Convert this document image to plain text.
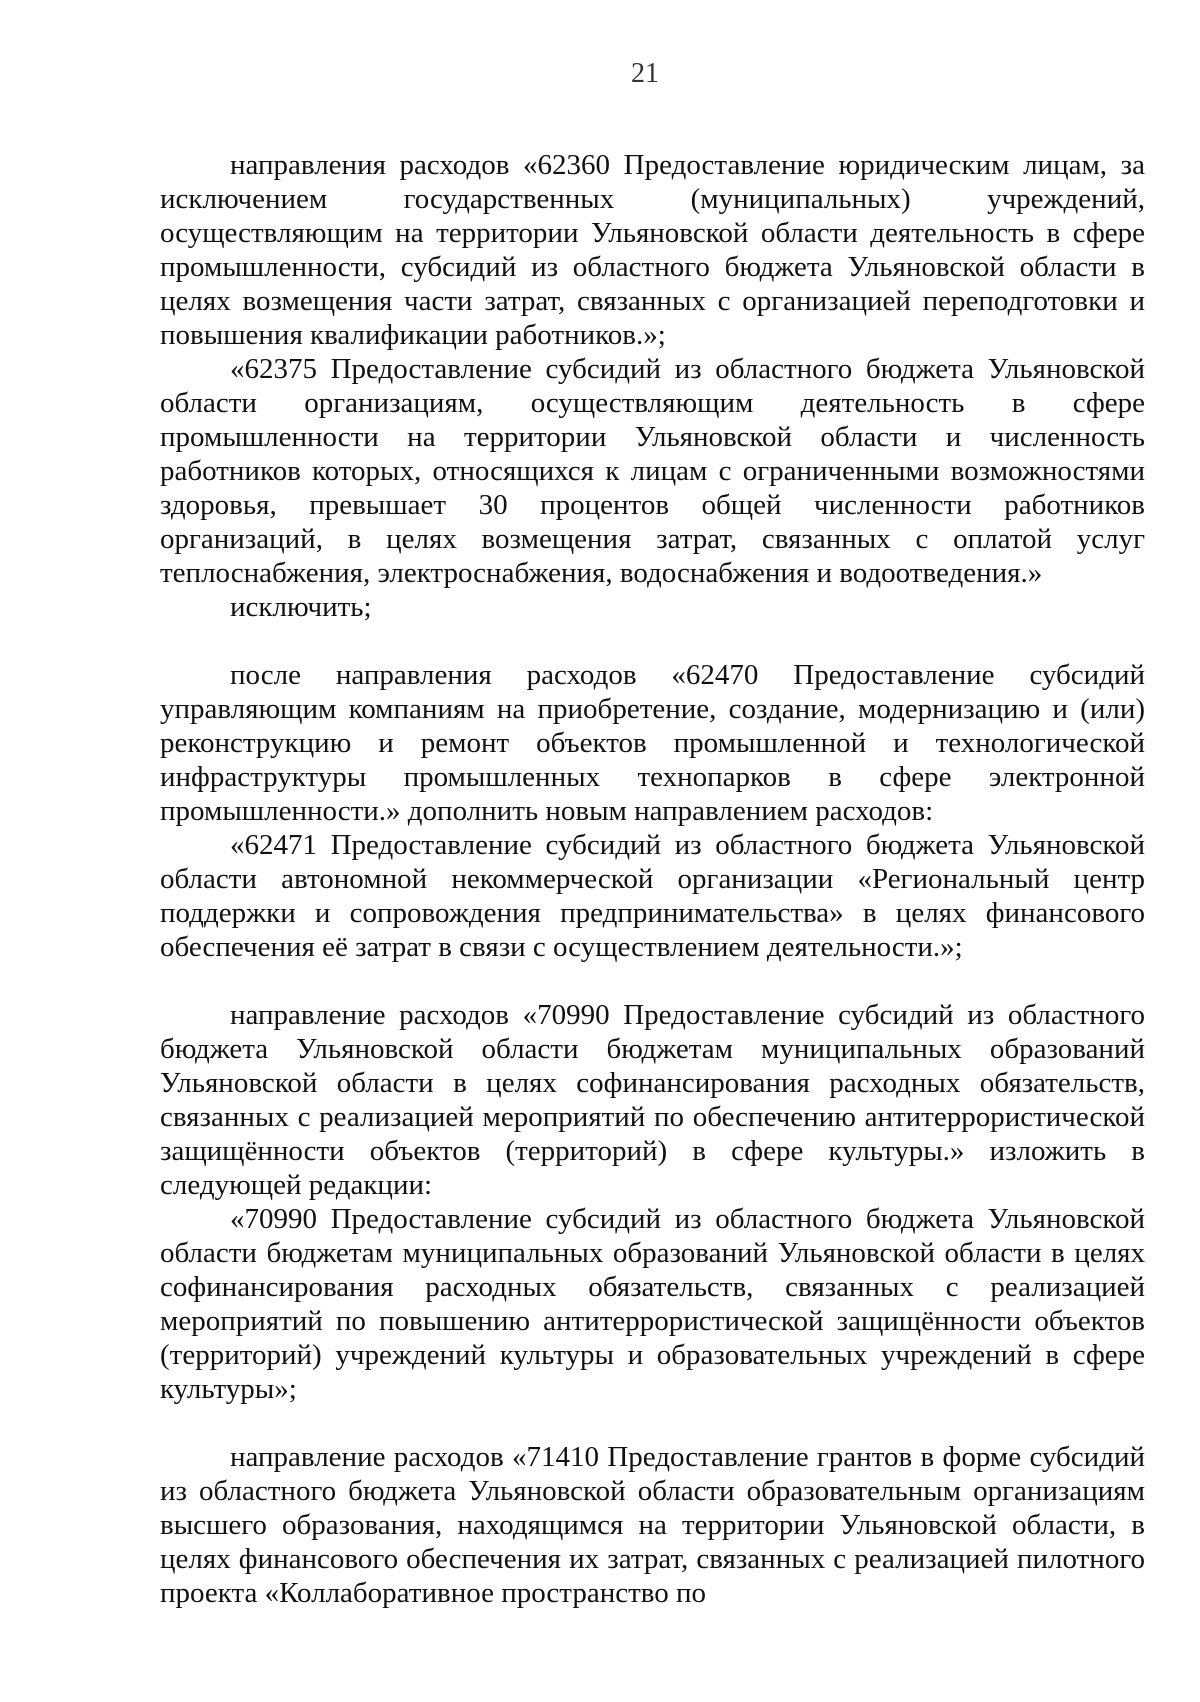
21

направления расходов «62360 Предоставление юридическим лицам, за исключением государственных (муниципальных) учреждений, осуществляющим на территории Ульяновской области деятельность в сфере промышленности, субсидий из областного бюджета Ульяновской области в целях возмещения части затрат, связанных с организацией переподготовки и повышения квалификации работников.»;

«62375 Предоставление субсидий из областного бюджета Ульяновской области организациям, осуществляющим деятельность в сфере промышленности на территории Ульяновской области и численность работников которых, относящихся к лицам с ограниченными возможностями здоровья, превышает 30 процентов общей численности работников организаций, в целях возмещения затрат, связанных с оплатой услуг теплоснабжения, электроснабжения, водоснабжения и водоотведения.»

исключить;

после направления расходов «62470 Предоставление субсидий управляющим компаниям на приобретение, создание, модернизацию и (или) реконструкцию и ремонт объектов промышленной и технологической инфраструктуры промышленных технопарков в сфере электронной промышленности.» дополнить новым направлением расходов:

«62471 Предоставление субсидий из областного бюджета Ульяновской области автономной некоммерческой организации «Региональный центр поддержки и сопровождения предпринимательства» в целях финансового обеспечения её затрат в связи с осуществлением деятельности.»;

направление расходов «70990 Предоставление субсидий из областного бюджета Ульяновской области бюджетам муниципальных образований Ульяновской области в целях софинансирования расходных обязательств, связанных с реализацией мероприятий по обеспечению антитеррористической защищённости объектов (территорий) в сфере культуры.» изложить в следующей редакции:

«70990 Предоставление субсидий из областного бюджета Ульяновской области бюджетам муниципальных образований Ульяновской области в целях софинансирования расходных обязательств, связанных с реализацией мероприятий по повышению антитеррористической защищённости объектов (территорий) учреждений культуры и образовательных учреждений в сфере культуры»;

направление расходов «71410 Предоставление грантов в форме субсидий из областного бюджета Ульяновской области образовательным организациям высшего образования, находящимся на территории Ульяновской области, в целях финансового обеспечения их затрат, связанных с реализацией пилотного проекта «Коллаборативное пространство по
